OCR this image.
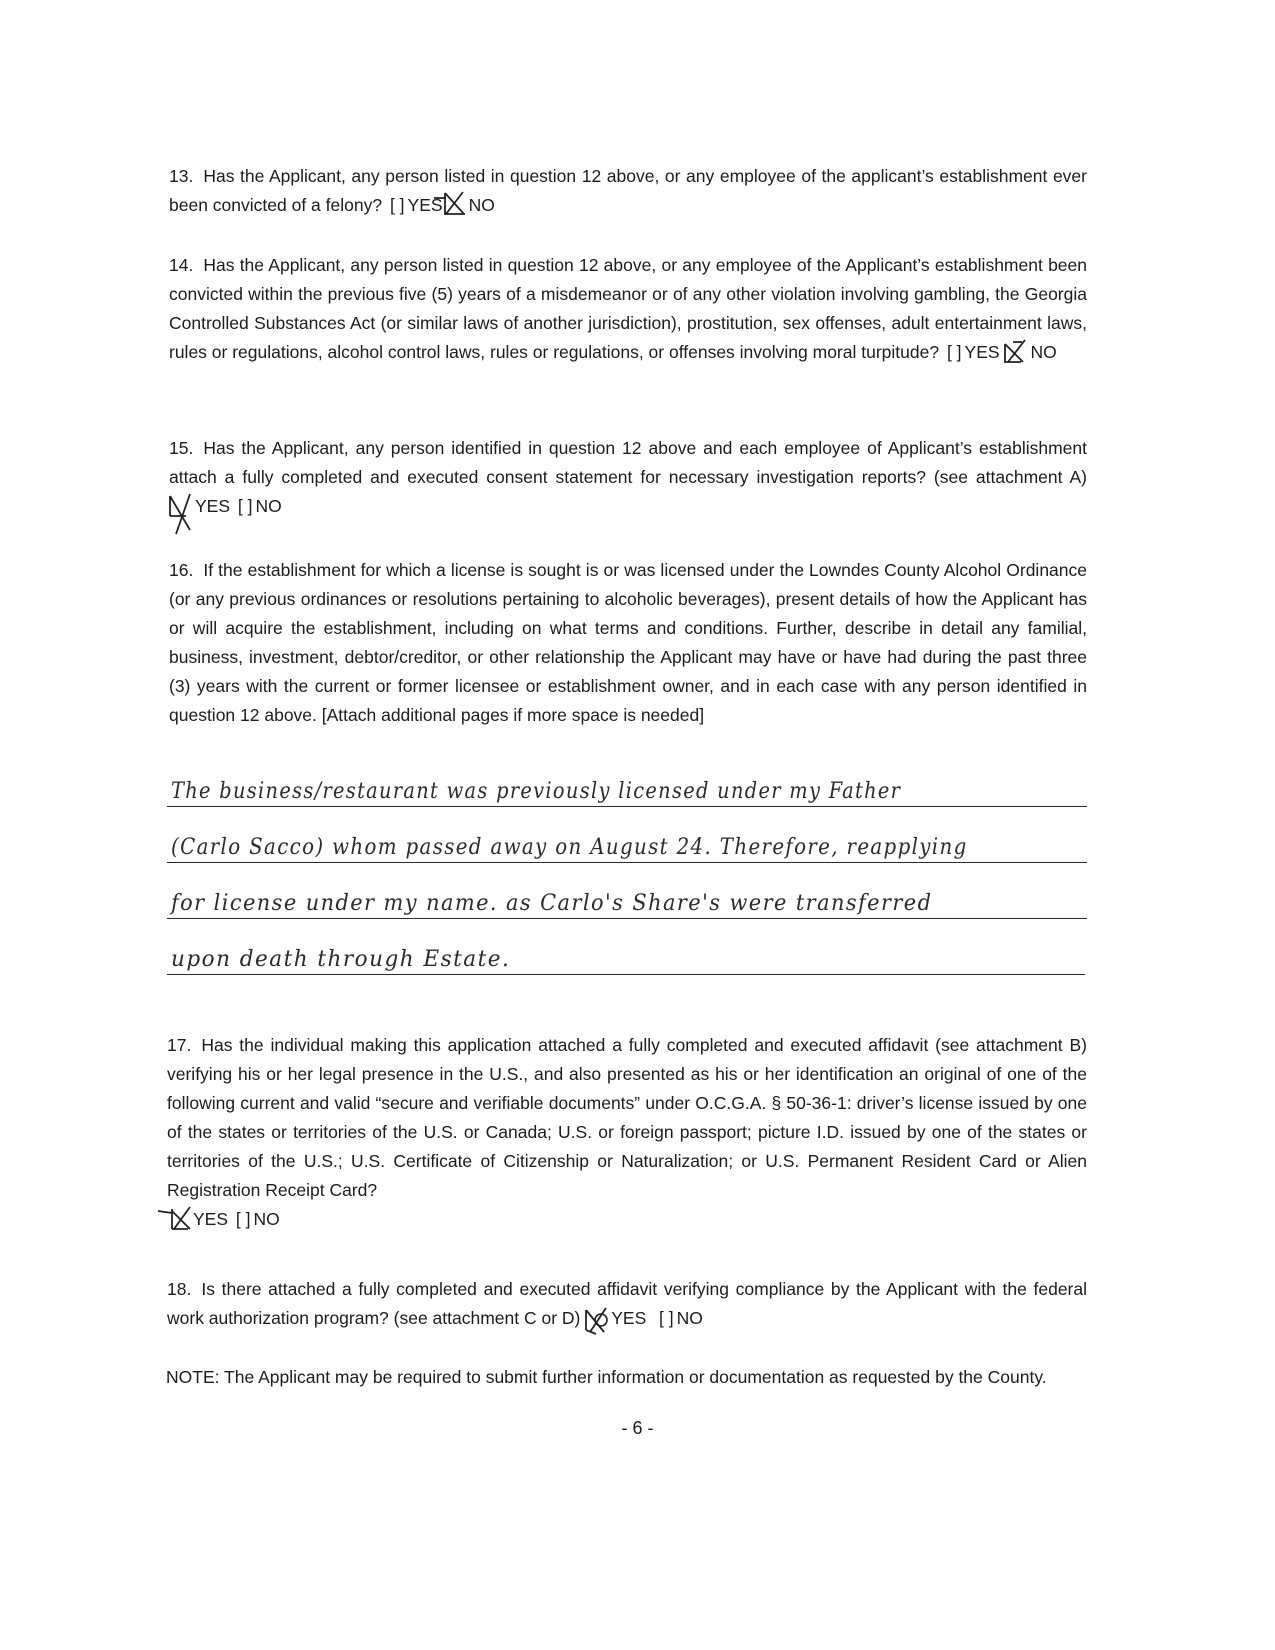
13. Has the Applicant, any person listed in question 12 above, or any employee of the applicant’s establishment ever been convicted of a felony? [ ] YES NO

14. Has the Applicant, any person listed in question 12 above, or any employee of the Applicant’s establishment been convicted within the previous five (5) years of a misdemeanor or of any other violation involving gambling, the Georgia Controlled Substances Act (or similar laws of another jurisdiction), prostitution, sex offenses, adult entertainment laws, rules or regulations, alcohol control laws, rules or regulations, or offenses involving moral turpitude? [ ] YES NO

15. Has the Applicant, any person identified in question 12 above and each employee of Applicant’s establishment attach a fully completed and executed consent statement for necessary investigation reports? (see attachment A)
YES [ ] NO

16. If the establishment for which a license is sought is or was licensed under the Lowndes County Alcohol Ordinance (or any previous ordinances or resolutions pertaining to alcoholic beverages), present details of how the Applicant has or will acquire the establishment, including on what terms and conditions. Further, describe in detail any familial, business, investment, debtor/creditor, or other relationship the Applicant may have or have had during the past three (3) years with the current or former licensee or establishment owner, and in each case with any person identified in question 12 above. [Attach additional pages if more space is needed]

The business/restaurant was previously licensed under my Father
(Carlo Sacco) whom passed away on August 24. Therefore, reapplying
for license under my name. as Carlo's Share's were transferred
upon death through Estate.

17. Has the individual making this application attached a fully completed and executed affidavit (see attachment B) verifying his or her legal presence in the U.S., and also presented as his or her identification an original of one of the following current and valid “secure and verifiable documents” under O.C.G.A. § 50-36-1: driver’s license issued by one of the states or territories of the U.S. or Canada; U.S. or foreign passport; picture I.D. issued by one of the states or territories of the U.S.; U.S. Certificate of Citizenship or Naturalization; or U.S. Permanent Resident Card or Alien Registration Receipt Card?

YES [ ] NO

18. Is there attached a fully completed and executed affidavit verifying compliance by the Applicant with the federal work authorization program? (see attachment C or D) YES [ ] NO

NOTE: The Applicant may be required to submit further information or documentation as requested by the County.

- 6 -
